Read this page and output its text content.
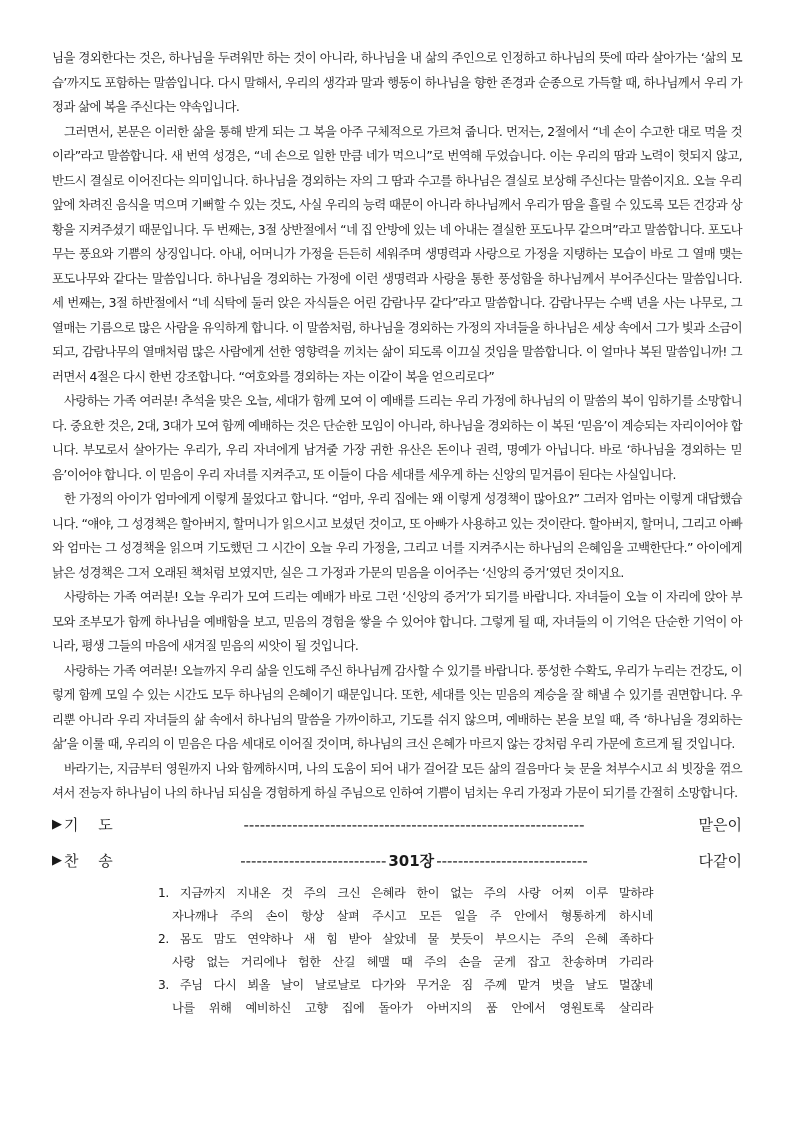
님을 경외한다는 것은, 하나님을 두려워만 하는 것이 아니라, 하나님을 내 삶의 주인으로 인정하고 하나님의 뜻에 따라 살아가는 ‘삶의 모습’까지도 포함하는 말씀입니다. 다시 말해서, 우리의 생각과 말과 행동이 하나님을 향한 존경과 순종으로 가득할 때, 하나님께서 우리 가정과 삶에 복을 주신다는 약속입니다.

그러면서, 본문은 이러한 삶을 통해 받게 되는 그 복을 아주 구체적으로 가르쳐 줍니다. 먼저는, 2절에서 “네 손이 수고한 대로 먹을 것이라”라고 말씀합니다. 새 번역 성경은, “네 손으로 일한 만큼 네가 먹으니”로 번역해 두었습니다. 이는 우리의 땀과 노력이 헛되지 않고, 반드시 결실로 이어진다는 의미입니다. 하나님을 경외하는 자의 그 땀과 수고를 하나님은 결실로 보상해 주신다는 말씀이지요. 오늘 우리 앞에 차려진 음식을 먹으며 기뻐할 수 있는 것도, 사실 우리의 능력 때문이 아니라 하나님께서 우리가 땀을 흘릴 수 있도록 모든 건강과 상황을 지켜주셨기 때문입니다. 두 번째는, 3절 상반절에서 “네 집 안방에 있는 네 아내는 결실한 포도나무 같으며”라고 말씀합니다. 포도나무는 풍요와 기쁨의 상징입니다. 아내, 어머니가 가정을 든든히 세워주며 생명력과 사랑으로 가정을 지탱하는 모습이 바로 그 열매 맺는 포도나무와 같다는 말씀입니다. 하나님을 경외하는 가정에 이런 생명력과 사랑을 통한 풍성함을 하나님께서 부어주신다는 말씀입니다. 세 번째는, 3절 하반절에서 “네 식탁에 둘러 앉은 자식들은 어린 감람나무 같다”라고 말씀합니다. 감람나무는 수백 년을 사는 나무로, 그 열매는 기름으로 많은 사람을 유익하게 합니다. 이 말씀처럼, 하나님을 경외하는 가정의 자녀들을 하나님은 세상 속에서 그가 빛과 소금이 되고, 감람나무의 열매처럼 많은 사람에게 선한 영향력을 끼치는 삶이 되도록 이끄실 것임을 말씀합니다. 이 얼마나 복된 말씀입니까! 그러면서 4절은 다시 한번 강조합니다. “여호와를 경외하는 자는 이같이 복을 얻으리로다”

사랑하는 가족 여러분! 추석을 맞은 오늘, 세대가 함께 모여 이 예배를 드리는 우리 가정에 하나님의 이 말씀의 복이 임하기를 소망합니다. 중요한 것은, 2대, 3대가 모여 함께 예배하는 것은 단순한 모임이 아니라, 하나님을 경외하는 이 복된 ‘믿음’이 계승되는 자리이어야 합니다. 부모로서 살아가는 우리가, 우리 자녀에게 남겨줄 가장 귀한 유산은 돈이나 권력, 명예가 아닙니다. 바로 ‘하나님을 경외하는 믿음’이어야 합니다. 이 믿음이 우리 자녀를 지켜주고, 또 이들이 다음 세대를 세우게 하는 신앙의 밑거름이 된다는 사실입니다.

한 가정의 아이가 엄마에게 이렇게 물었다고 합니다. “엄마, 우리 집에는 왜 이렇게 성경책이 많아요?” 그러자 엄마는 이렇게 대답했습니다. “얘야, 그 성경책은 할아버지, 할머니가 읽으시고 보셨던 것이고, 또 아빠가 사용하고 있는 것이란다. 할아버지, 할머니, 그리고 아빠와 엄마는 그 성경책을 읽으며 기도했던 그 시간이 오늘 우리 가정을, 그리고 너를 지켜주시는 하나님의 은혜임을 고백한단다.” 아이에게 낡은 성경책은 그저 오래된 책처럼 보였지만, 실은 그 가정과 가문의 믿음을 이어주는 ‘신앙의 증거’였던 것이지요.

사랑하는 가족 여러분! 오늘 우리가 모여 드리는 예배가 바로 그런 ‘신앙의 증거’가 되기를 바랍니다. 자녀들이 오늘 이 자리에 앉아 부모와 조부모가 함께 하나님을 예배함을 보고, 믿음의 경험을 쌓을 수 있어야 합니다. 그렇게 될 때, 자녀들의 이 기억은 단순한 기억이 아니라, 평생 그들의 마음에 새겨질 믿음의 씨앗이 될 것입니다.

사랑하는 가족 여러분! 오늘까지 우리 삶을 인도해 주신 하나님께 감사할 수 있기를 바랍니다. 풍성한 수확도, 우리가 누리는 건강도, 이렇게 함께 모일 수 있는 시간도 모두 하나님의 은혜이기 때문입니다. 또한, 세대를 잇는 믿음의 계승을 잘 해낼 수 있기를 권면합니다. 우리뿐 아니라 우리 자녀들의 삶 속에서 하나님의 말씀을 가까이하고, 기도를 쉬지 않으며, 예배하는 본을 보일 때, 즉 ‘하나님을 경외하는 삶’을 이룰 때, 우리의 이 믿음은 다음 세대로 이어질 것이며, 하나님의 크신 은혜가 마르지 않는 강처럼 우리 가문에 흐르게 될 것입니다.

바라기는, 지금부터 영원까지 나와 함께하시며, 나의 도움이 되어 내가 걸어갈 모든 삶의 걸음마다 늦 문을 쳐부수시고 쇠 빗장을 꺾으셔서 전능자 하나님이 나의 하나님 되심을 경험하게 하실 주님으로 인하여 기쁨이 넘치는 우리 가정과 가문이 되기를 간절히 소망합니다.

▶ 기　 도	---------------------------------------------------------------	맡은이
▶ 찬　 송	--------------------------- 301장 ----------------------------	다같이
1. 지금까지 지내온 것 주의 크신 은혜라 한이 없는 주의 사랑 어찌 이루 말하랴
자나깨나 주의 손이 항상 살펴 주시고 모든 일을 주 안에서 형통하게 하시네
2. 몸도 맘도 연약하나 새 힘 받아 살았네 물 붓듯이 부으시는 주의 은혜 족하다
사랑 없는 거리에나 험한 산길 헤맬 때 주의 손을 굳게 잡고 찬송하며 가리라
3. 주님 다시 뵈올 날이 날로날로 다가와 무거운 짐 주께 맡겨 벗을 날도 멀잖네
나를 위해 예비하신 고향 집에 돌아가 아버지의 품 안에서 영원토록 살리라
